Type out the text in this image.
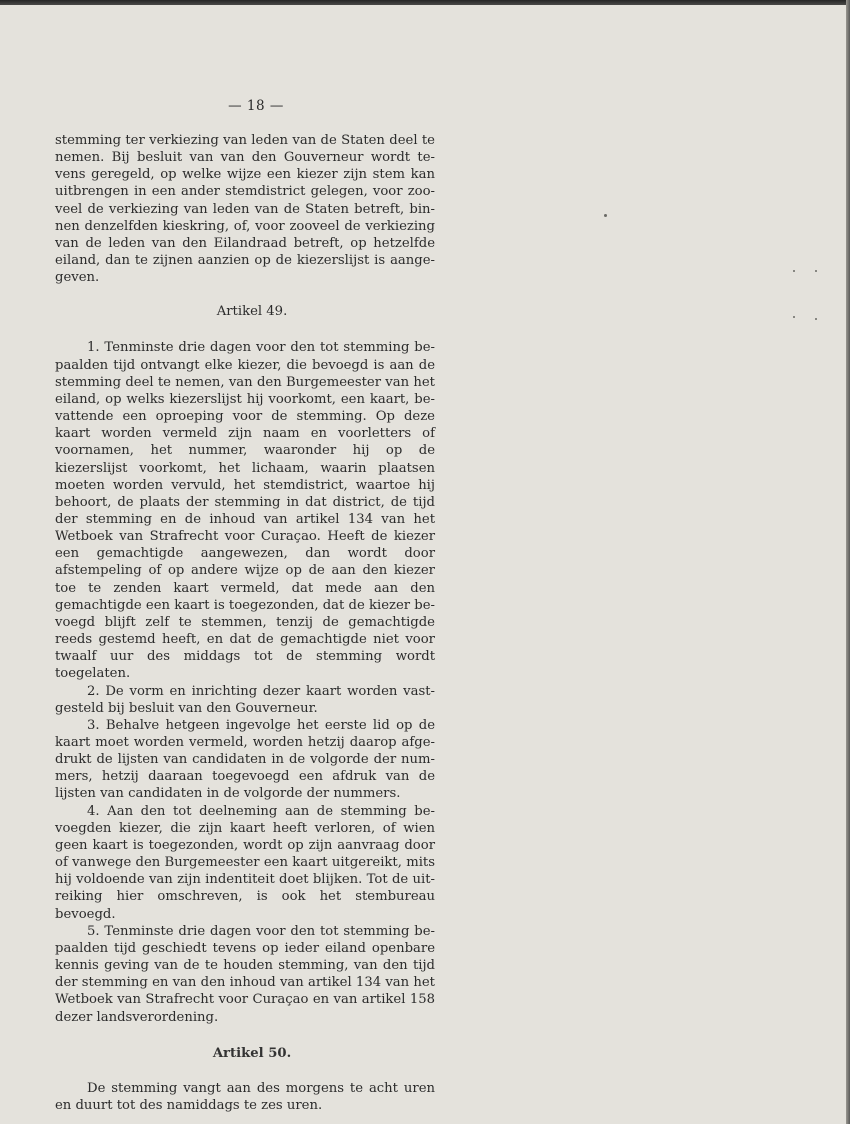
— 18 —

stemming ter verkiezing van leden van de Staten deel te nemen. Bij besluit van van den Gouverneur wordt tevens geregeld, op welke wijze een kiezer zijn stem kan uitbrengen in een ander stemdistrict gelegen, voor zooveel de verkiezing van leden van de Staten betreft, binnen denzelfden kieskring, of, voor zooveel de verkiezing van de leden van den Eilandraad betreft, op hetzelfde eiland, dan te zijnen aanzien op de kiezerslijst is aangegeven.

Artikel 49.

1. Tenminste drie dagen voor den tot stemming bepaalden tijd ontvangt elke kiezer, die bevoegd is aan de stemming deel te nemen, van den Burgemeester van het eiland, op welks kiezerslijst hij voorkomt, een kaart, bevattende een oproeping voor de stemming. Op deze kaart worden vermeld zijn naam en voorletters of voornamen, het nummer, waaronder hij op de kiezerslijst voorkomt, het lichaam, waarin plaatsen moeten worden vervuld, het stemdistrict, waartoe hij behoort, de plaats der stemming in dat district, de tijd der stemming en de inhoud van artikel 134 van het Wetboek van Strafrecht voor Curaçao. Heeft de kiezer een gemachtigde aangewezen, dan wordt door afstempeling of op andere wijze op de aan den kiezer toe te zenden kaart vermeld, dat mede aan den gemachtigde een kaart is toegezonden, dat de kiezer bevoegd blijft zelf te stemmen, tenzij de gemachtigde reeds gestemd heeft, en dat de gemachtigde niet voor twaalf uur des middags tot de stemming wordt toegelaten.

2. De vorm en inrichting dezer kaart worden vastgesteld bij besluit van den Gouverneur.

3. Behalve hetgeen ingevolge het eerste lid op de kaart moet worden vermeld, worden hetzij daarop afgedrukt de lijsten van candidaten in de volgorde der nummers, hetzij daaraan toegevoegd een afdruk van de lijsten van candidaten in de volgorde der nummers.

4. Aan den tot deelneming aan de stemming bevoegden kiezer, die zijn kaart heeft verloren, of wien geen kaart is toegezonden, wordt op zijn aanvraag door of vanwege den Burgemeester een kaart uitgereikt, mits hij voldoende van zijn indentiteit doet blijken. Tot de uitreiking hier omschreven, is ook het stembureau bevoegd.

5. Tenminste drie dagen voor den tot stemming bepaalden tijd geschiedt tevens op ieder eiland openbare kennis geving van de te houden stemming, van den tijd der stemming en van den inhoud van artikel 134 van het Wetboek van Strafrecht voor Curaçao en van artikel 158 dezer landsverordening.

Artikel 50.

De stemming vangt aan des morgens te acht uren en duurt tot des namiddags te zes uren.
